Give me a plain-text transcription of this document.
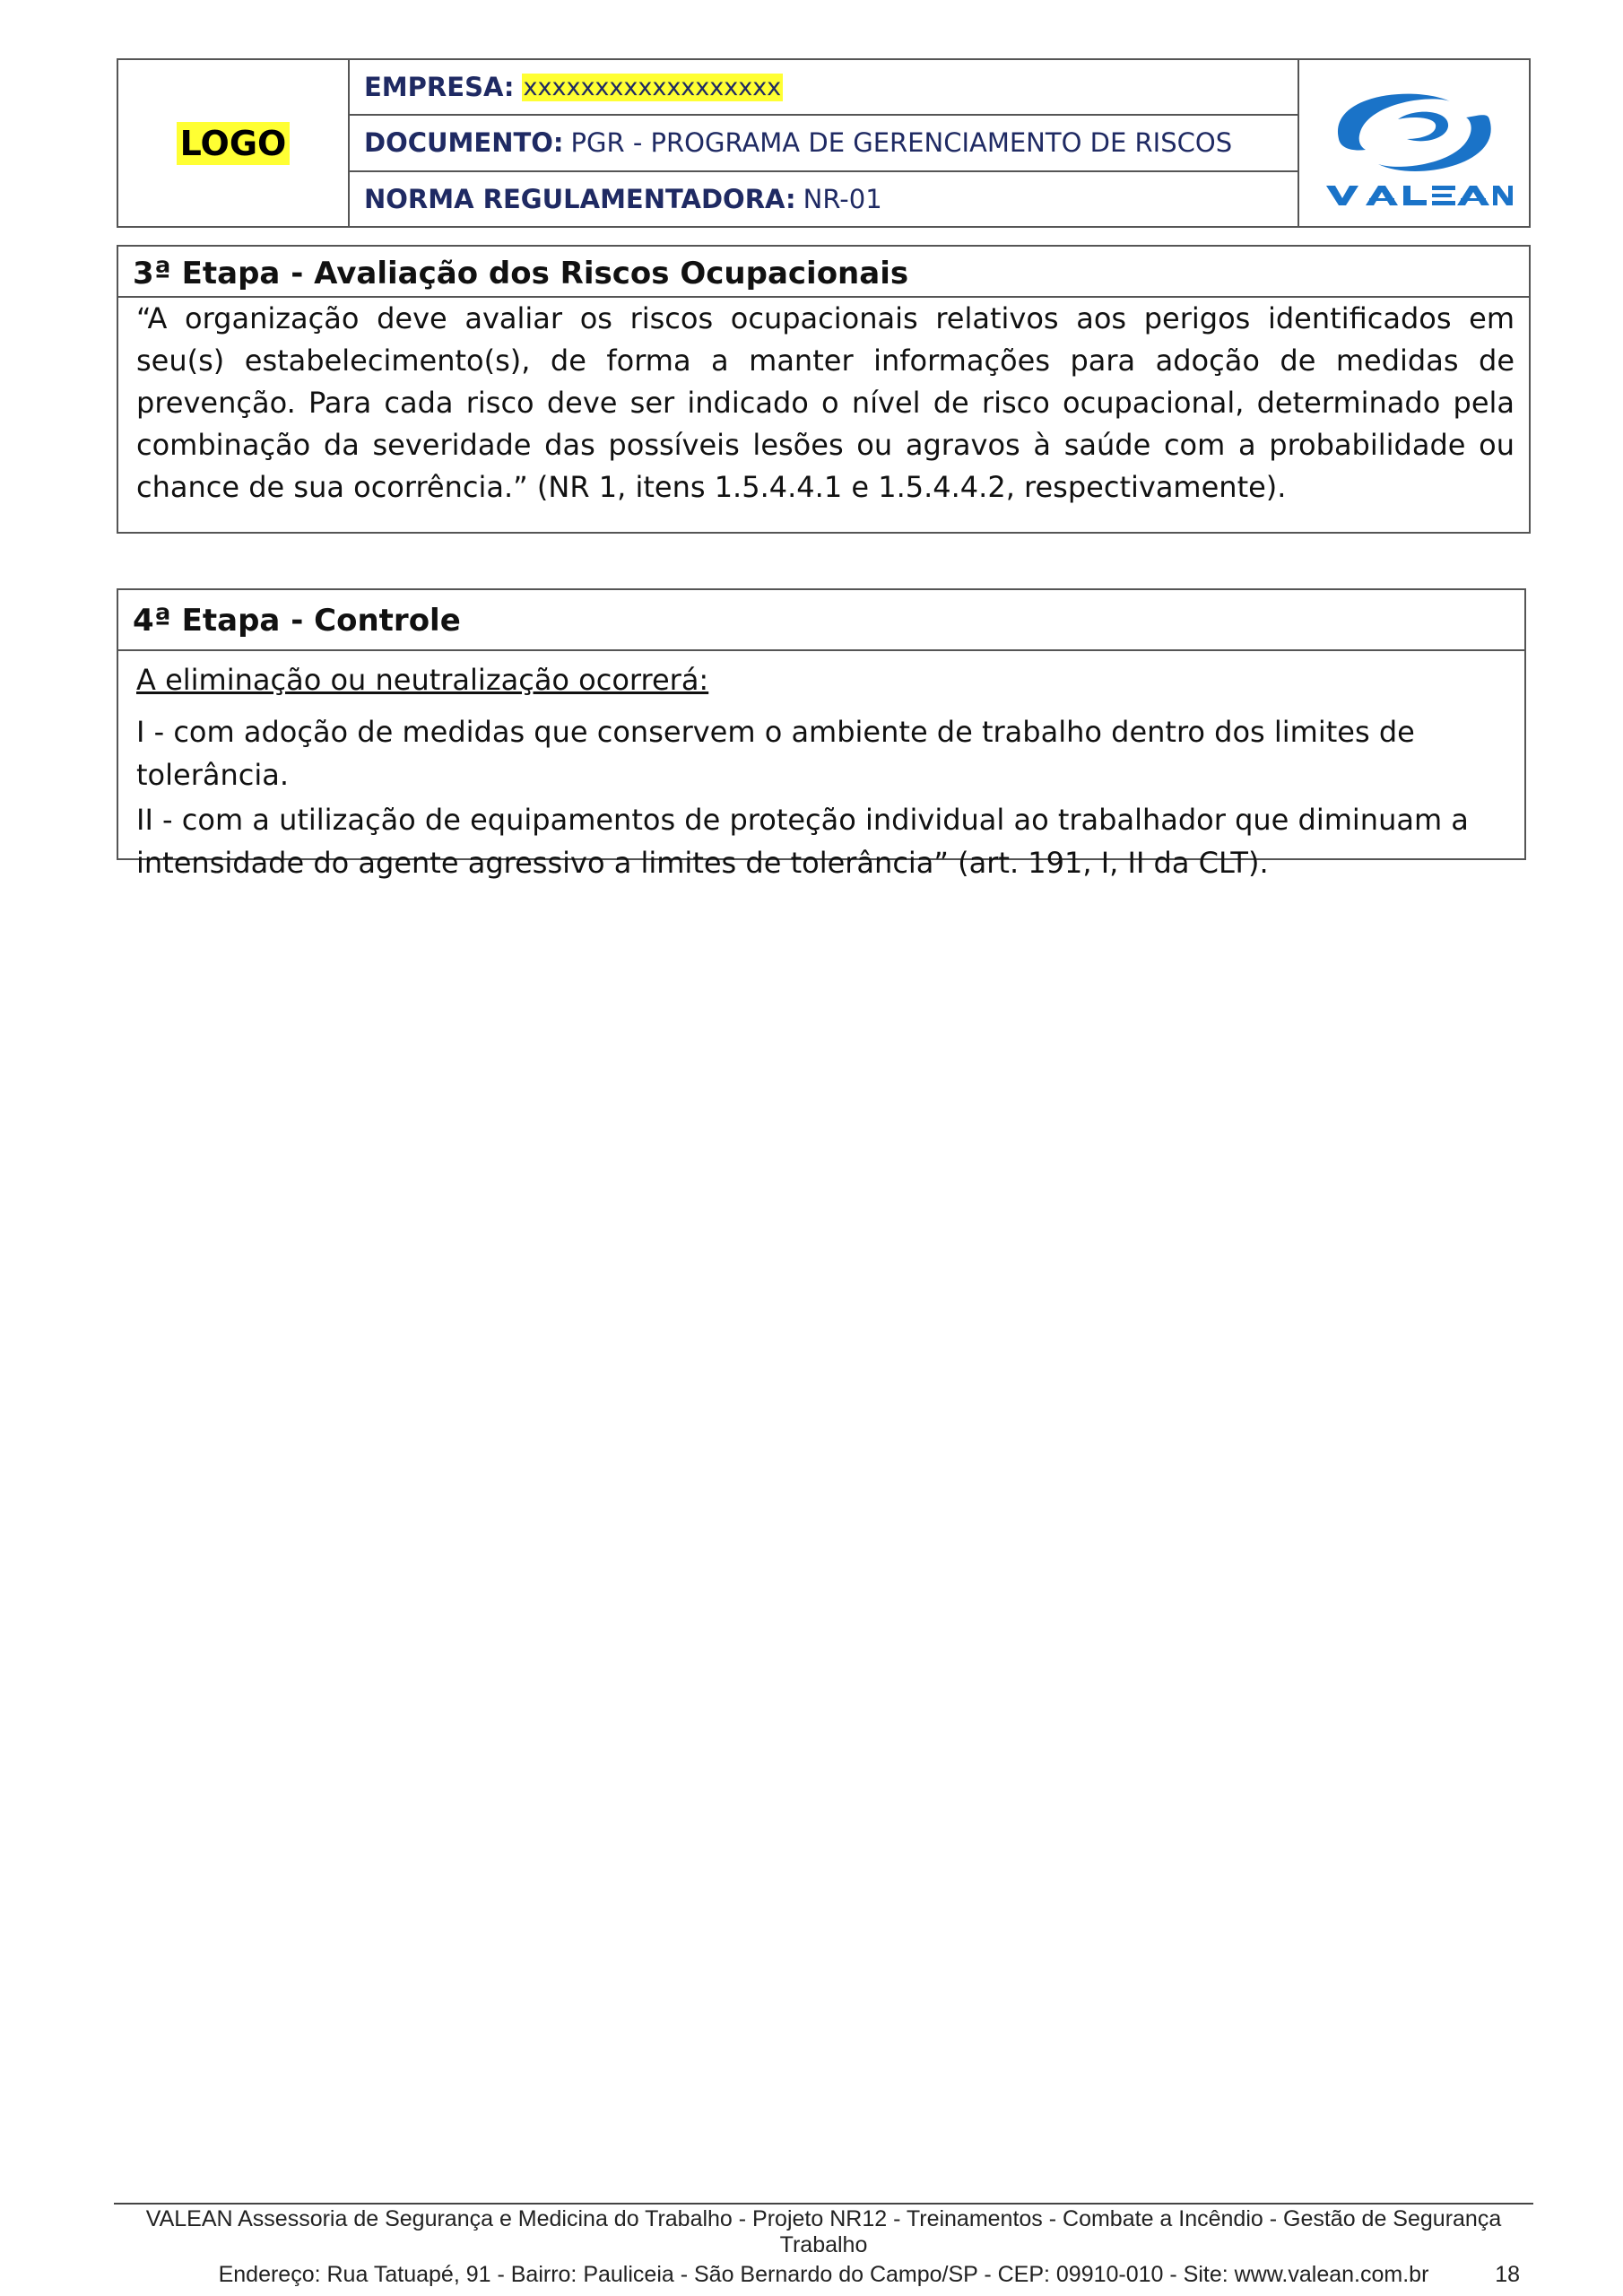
LOGO
EMPRESA: xxxxxxxxxxxxxxxxxx
DOCUMENTO: PGR - PROGRAMA DE GERENCIAMENTO DE RISCOS
NORMA REGULAMENTADORA: NR-01
3ª Etapa - Avaliação dos Riscos Ocupacionais
“A organização deve avaliar os riscos ocupacionais relativos aos perigos identificados em seu(s) estabelecimento(s), de forma a manter informações para adoção de medidas de prevenção. Para cada risco deve ser indicado o nível de risco ocupacional, determinado pela combinação da severidade das possíveis lesões ou agravos à saúde com a probabilidade ou chance de sua ocorrência.” (NR 1, itens 1.5.4.4.1 e 1.5.4.4.2, respectivamente).
4ª Etapa - Controle
A eliminação ou neutralização ocorrerá:
I - com adoção de medidas que conservem o ambiente de trabalho dentro dos limites de tolerância.
II - com a utilização de equipamentos de proteção individual ao trabalhador que diminuam a intensidade do agente agressivo a limites de tolerância” (art. 191, I, II da CLT).
VALEAN Assessoria de Segurança e Medicina do Trabalho - Projeto NR12 - Treinamentos - Combate a Incêndio - Gestão de Segurança Trabalho
Endereço: Rua Tatuapé, 91 - Bairro: Pauliceia - São Bernardo do Campo/SP - CEP: 09910-010 - Site: www.valean.com.br	18
